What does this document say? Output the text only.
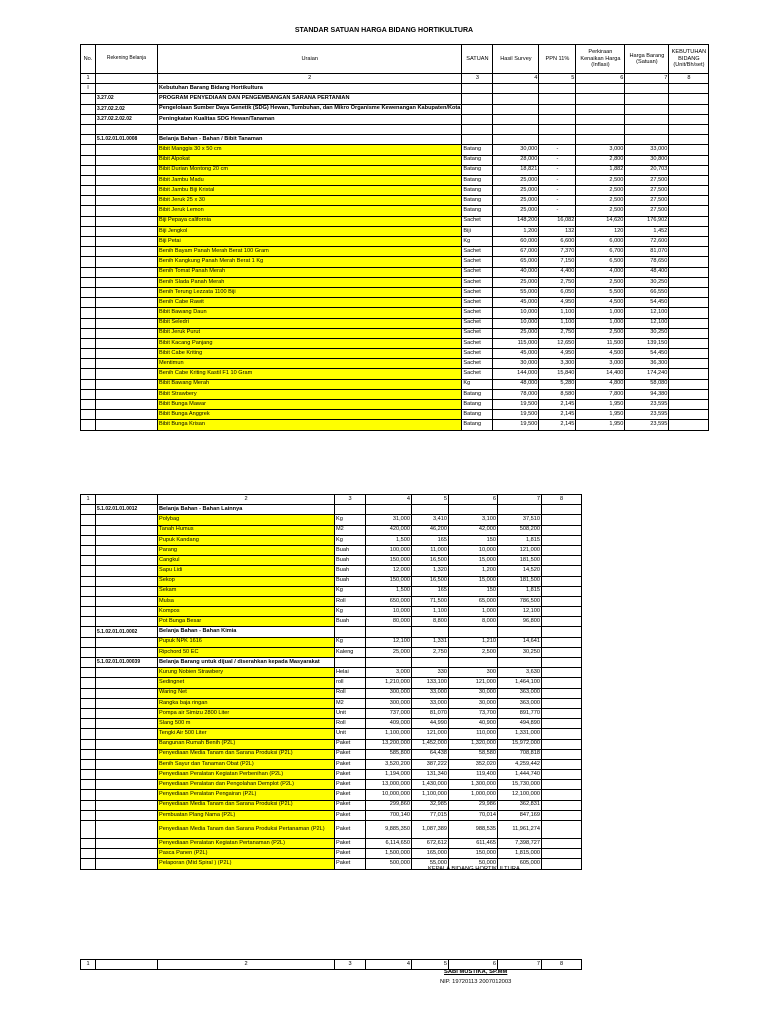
STANDAR SATUAN HARGA BIDANG HORTIKULTURA
No.	Rekening Belanja	Uraian	SATUAN	Hasil Survey	PPN 11%	Perkiraan Kenaikan Harga (Inflasi)	Harga Barang (Satuan)	KEBUTUHAN BIDANG (Unit/Bh/set)
1		2	3	4	5	6	7	8
I		Kebutuhan Barang Bidang Hortikultura						
	3.27.02	PROGRAM PENYEDIAAN DAN PENGEMBANGAN SARANA PERTANIAN						
	3.27.02.2.02	Pengelolaan Sumber Daya Genetik (SDG) Hewan, Tumbuhan, dan Mikro Organisme Kewenangan Kabupaten/Kota						
	3.27.02.2.02.02	Peningkatan Kualitas SDG Hewan/Tanaman						

	5.1.02.01.01.0008	Belanja Bahan - Bahan / Bibit Tanaman						
		Bibit Manggis 30 x 50 cm	Batang	30,000	-	3,000	33,000	
		Bibit Alpokat	Batang	28,000	-	2,800	30,800	
		Bibit Durian Montong 20 cm	Batang	18,821	-	1,882	20,703	
		Bibit Jambu Madu	Batang	25,000	-	2,500	27,500	
		Bibit Jambu Biji Kristal	Batang	25,000	-	2,500	27,500	
		Bibit Jeruk 25 x 30	Batang	25,000	-	2,500	27,500	
		Bibit Jeruk Lemon	Batang	25,000	-	2,500	27,500	
		Biji Pepaya california	Sachet	148,200	16,082	14,620	176,902	
		Biji Jengkol	Biji	1,200	132	120	1,452	
		Biji Petai	Kg	60,000	6,600	6,000	72,600	
		Benih Bayam Panah Merah Berat 100 Gram	Sachet	67,000	7,370	6,700	81,070	
		Benih Kangkung Panah Merah Berat 1 Kg	Sachet	65,000	7,150	6,500	78,650	
		Benih Tomat Panah Merah	Sachet	40,000	4,400	4,000	48,400	
		Benih Slada Panah Merah	Sachet	25,000	2,750	2,500	30,250	
		Benih Terung Lezzata 1100 Biji	Sachet	55,000	6,050	5,500	66,550	
		Benih Cabe Rawit	Sachet	45,000	4,950	4,500	54,450	
		Bibit Bawang Daun	Sachet	10,000	1,100	1,000	12,100	
		Bibit Seledri	Sachet	10,000	1,100	1,000	12,100	
		Bibit Jeruk Purut	Sachet	25,000	2,750	2,500	30,250	
		Bibit Kacang Panjang	Sachet	115,000	12,650	11,500	139,150	
		Bibit Cabe Kriting	Sachet	45,000	4,950	4,500	54,450	
		Mentimun	Sachet	30,000	3,300	3,000	36,300	
		Benih Cabe Kriting Kastil F1 10 Gram	Sachet	144,000	15,840	14,400	174,240	
		Bibit Bawang Merah	Kg	48,000	5,280	4,800	58,080	
		Bibit Strawbery	Batang	78,000	8,580	7,800	94,380	
		Bibit Bunga Mawar	Batang	19,500	2,145	1,950	23,595	
		Bibit Bunga Anggrek	Batang	19,500	2,145	1,950	23,595	
		Bibit Bunga Krisan	Batang	19,500	2,145	1,950	23,595	
1		2	3	4	5	6	7	8
	5.1.02.01.01.0012	Belanja Bahan - Bahan Lainnya						
		Polybag	Kg	31,000	3,410	3,100	37,510	
		Tanah Humus	M2	420,000	46,200	42,000	508,200	
		Pupuk Kandang	Kg	1,500	165	150	1,815	
		Parang	Buah	100,000	11,000	10,000	121,000	
		Cangkul	Buah	150,000	16,500	15,000	181,500	
		Sapu Lidi	Buah	12,000	1,320	1,200	14,520	
		Sekop	Buah	150,000	16,500	15,000	181,500	
		Sekam	Kg	1,500	165	150	1,815	
		Mulsa	Roll	650,000	71,500	65,000	786,500	
		Kompos	Kg	10,000	1,100	1,000	12,100	
		Pot Bunga Besar	Buah	80,000	8,800	8,000	96,800	
	5.1.02.01.01.0002	Belanja Bahan - Bahan Kimia						
		Pupuk NPK 1616	Kg	12,100	1,331	1,210	14,641	
		Ripchord 50 EC	Kaleng	25,000	2,750	2,500	30,250	
	5.1.02.01.01.00039	Belanja Barang untuk dijual / diserahkan kepada Masyarakat						
		Kurung Nobien Strawbery	Helai	3,000	330	300	3,630	
		Sedingnet	roll	1,210,000	133,100	121,000	1,464,100	
		Waring Net	Roll	300,000	33,000	30,000	363,000	
		Rangka baja ringan	M2	300,000	33,000	30,000	363,000	
		Pompa air Simizu 2800 Liter	Unit	737,000	81,070	73,700	891,770	
		Slang 500 m	Roll	409,000	44,990	40,900	494,890	
		Tengki Air 500 Liter	Unit	1,100,000	121,000	110,000	1,331,000	
		Bangunan Rumah Benih (P2L)	Paket	13,200,000	1,452,000	1,320,000	15,972,000	
		Penyediaan Media Tanam dan Sarana Produksi (P2L)	Paket	585,800	64,438	58,580	708,818	
		Benih Sayur dan Tanaman Obat (P2L)	Paket	3,520,200	387,222	352,020	4,259,442	
		Penyediaan Peralatan Kegiatan Perbenihan (P2L)	Paket	1,194,000	131,340	119,400	1,444,740	
		Penyediaan Peralatan dan Pengolahan Demplot (P2L)	Paket	13,000,000	1,430,000	1,300,000	15,730,000	
		Penyediaan Peralatan Pengairan (P2L)	Paket	10,000,000	1,100,000	1,000,000	12,100,000	
		Penyediaan Media Tanam dan Sarana Produksi (P2L)	Paket	299,860	32,985	29,986	362,831	
		Pembuatan Plang Nama (P2L)	Paket	700,140	77,015	70,014	847,169	
		Penyediaan Media Tanam dan Sarana Produksi Pertanaman (P2L)	Paket	9,885,350	1,087,389	988,535	11,961,274	
		Penyediaan Peralatan Kegiatan Pertanaman (P2L)	Paket	6,114,650	672,612	611,465	7,398,727	
		Pasca Panen (P2L)	Paket	1,500,000	165,000	150,000	1,815,000	
		Pelaporan (Mid Spiral ) (P2L)	Paket	500,000	55,000	50,000	605,000	
KEPALA BIDANG HORTIKULTURA
1		2	3	4	5	6	7	8
SABI MUSTIKA, SP.MM
NIP. 19720113 2007012003
